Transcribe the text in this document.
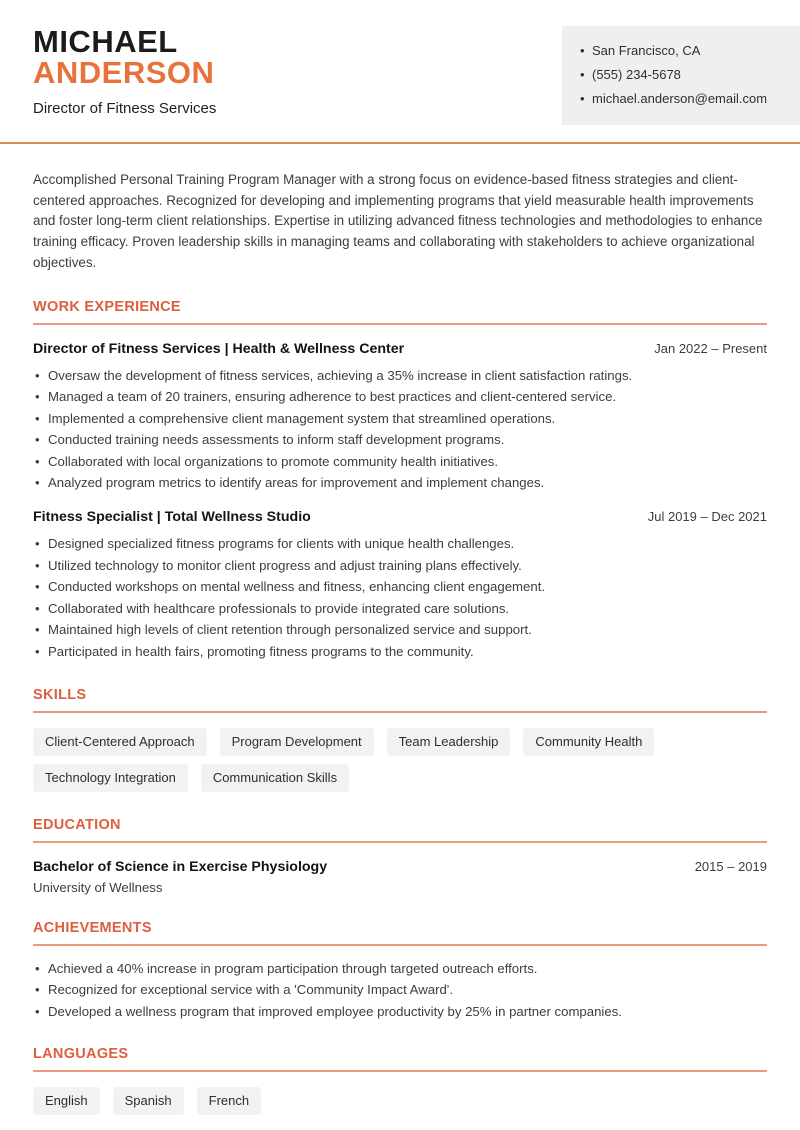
MICHAEL
ANDERSON
Director of Fitness Services
• San Francisco, CA
• (555) 234-5678
• michael.anderson@email.com

Accomplished Personal Training Program Manager with a strong focus on evidence-based fitness strategies and client-centered approaches. Recognized for developing and implementing programs that yield measurable health improvements and foster long-term client relationships. Expertise in utilizing advanced fitness technologies and methodologies to enhance training efficacy. Proven leadership skills in managing teams and collaborating with stakeholders to achieve organizational objectives.

WORK EXPERIENCE
Director of Fitness Services | Health & Wellness Center	Jan 2022 – Present
• Oversaw the development of fitness services, achieving a 35% increase in client satisfaction ratings.
• Managed a team of 20 trainers, ensuring adherence to best practices and client-centered service.
• Implemented a comprehensive client management system that streamlined operations.
• Conducted training needs assessments to inform staff development programs.
• Collaborated with local organizations to promote community health initiatives.
• Analyzed program metrics to identify areas for improvement and implement changes.
Fitness Specialist | Total Wellness Studio	Jul 2019 – Dec 2021
• Designed specialized fitness programs for clients with unique health challenges.
• Utilized technology to monitor client progress and adjust training plans effectively.
• Conducted workshops on mental wellness and fitness, enhancing client engagement.
• Collaborated with healthcare professionals to provide integrated care solutions.
• Maintained high levels of client retention through personalized service and support.
• Participated in health fairs, promoting fitness programs to the community.
SKILLS
Client-Centered Approach	Program Development	Team Leadership	Community Health
Technology Integration	Communication Skills
EDUCATION
Bachelor of Science in Exercise Physiology	2015 – 2019
University of Wellness
ACHIEVEMENTS
• Achieved a 40% increase in program participation through targeted outreach efforts.
• Recognized for exceptional service with a 'Community Impact Award'.
• Developed a wellness program that improved employee productivity by 25% in partner companies.
LANGUAGES
English	Spanish	French
